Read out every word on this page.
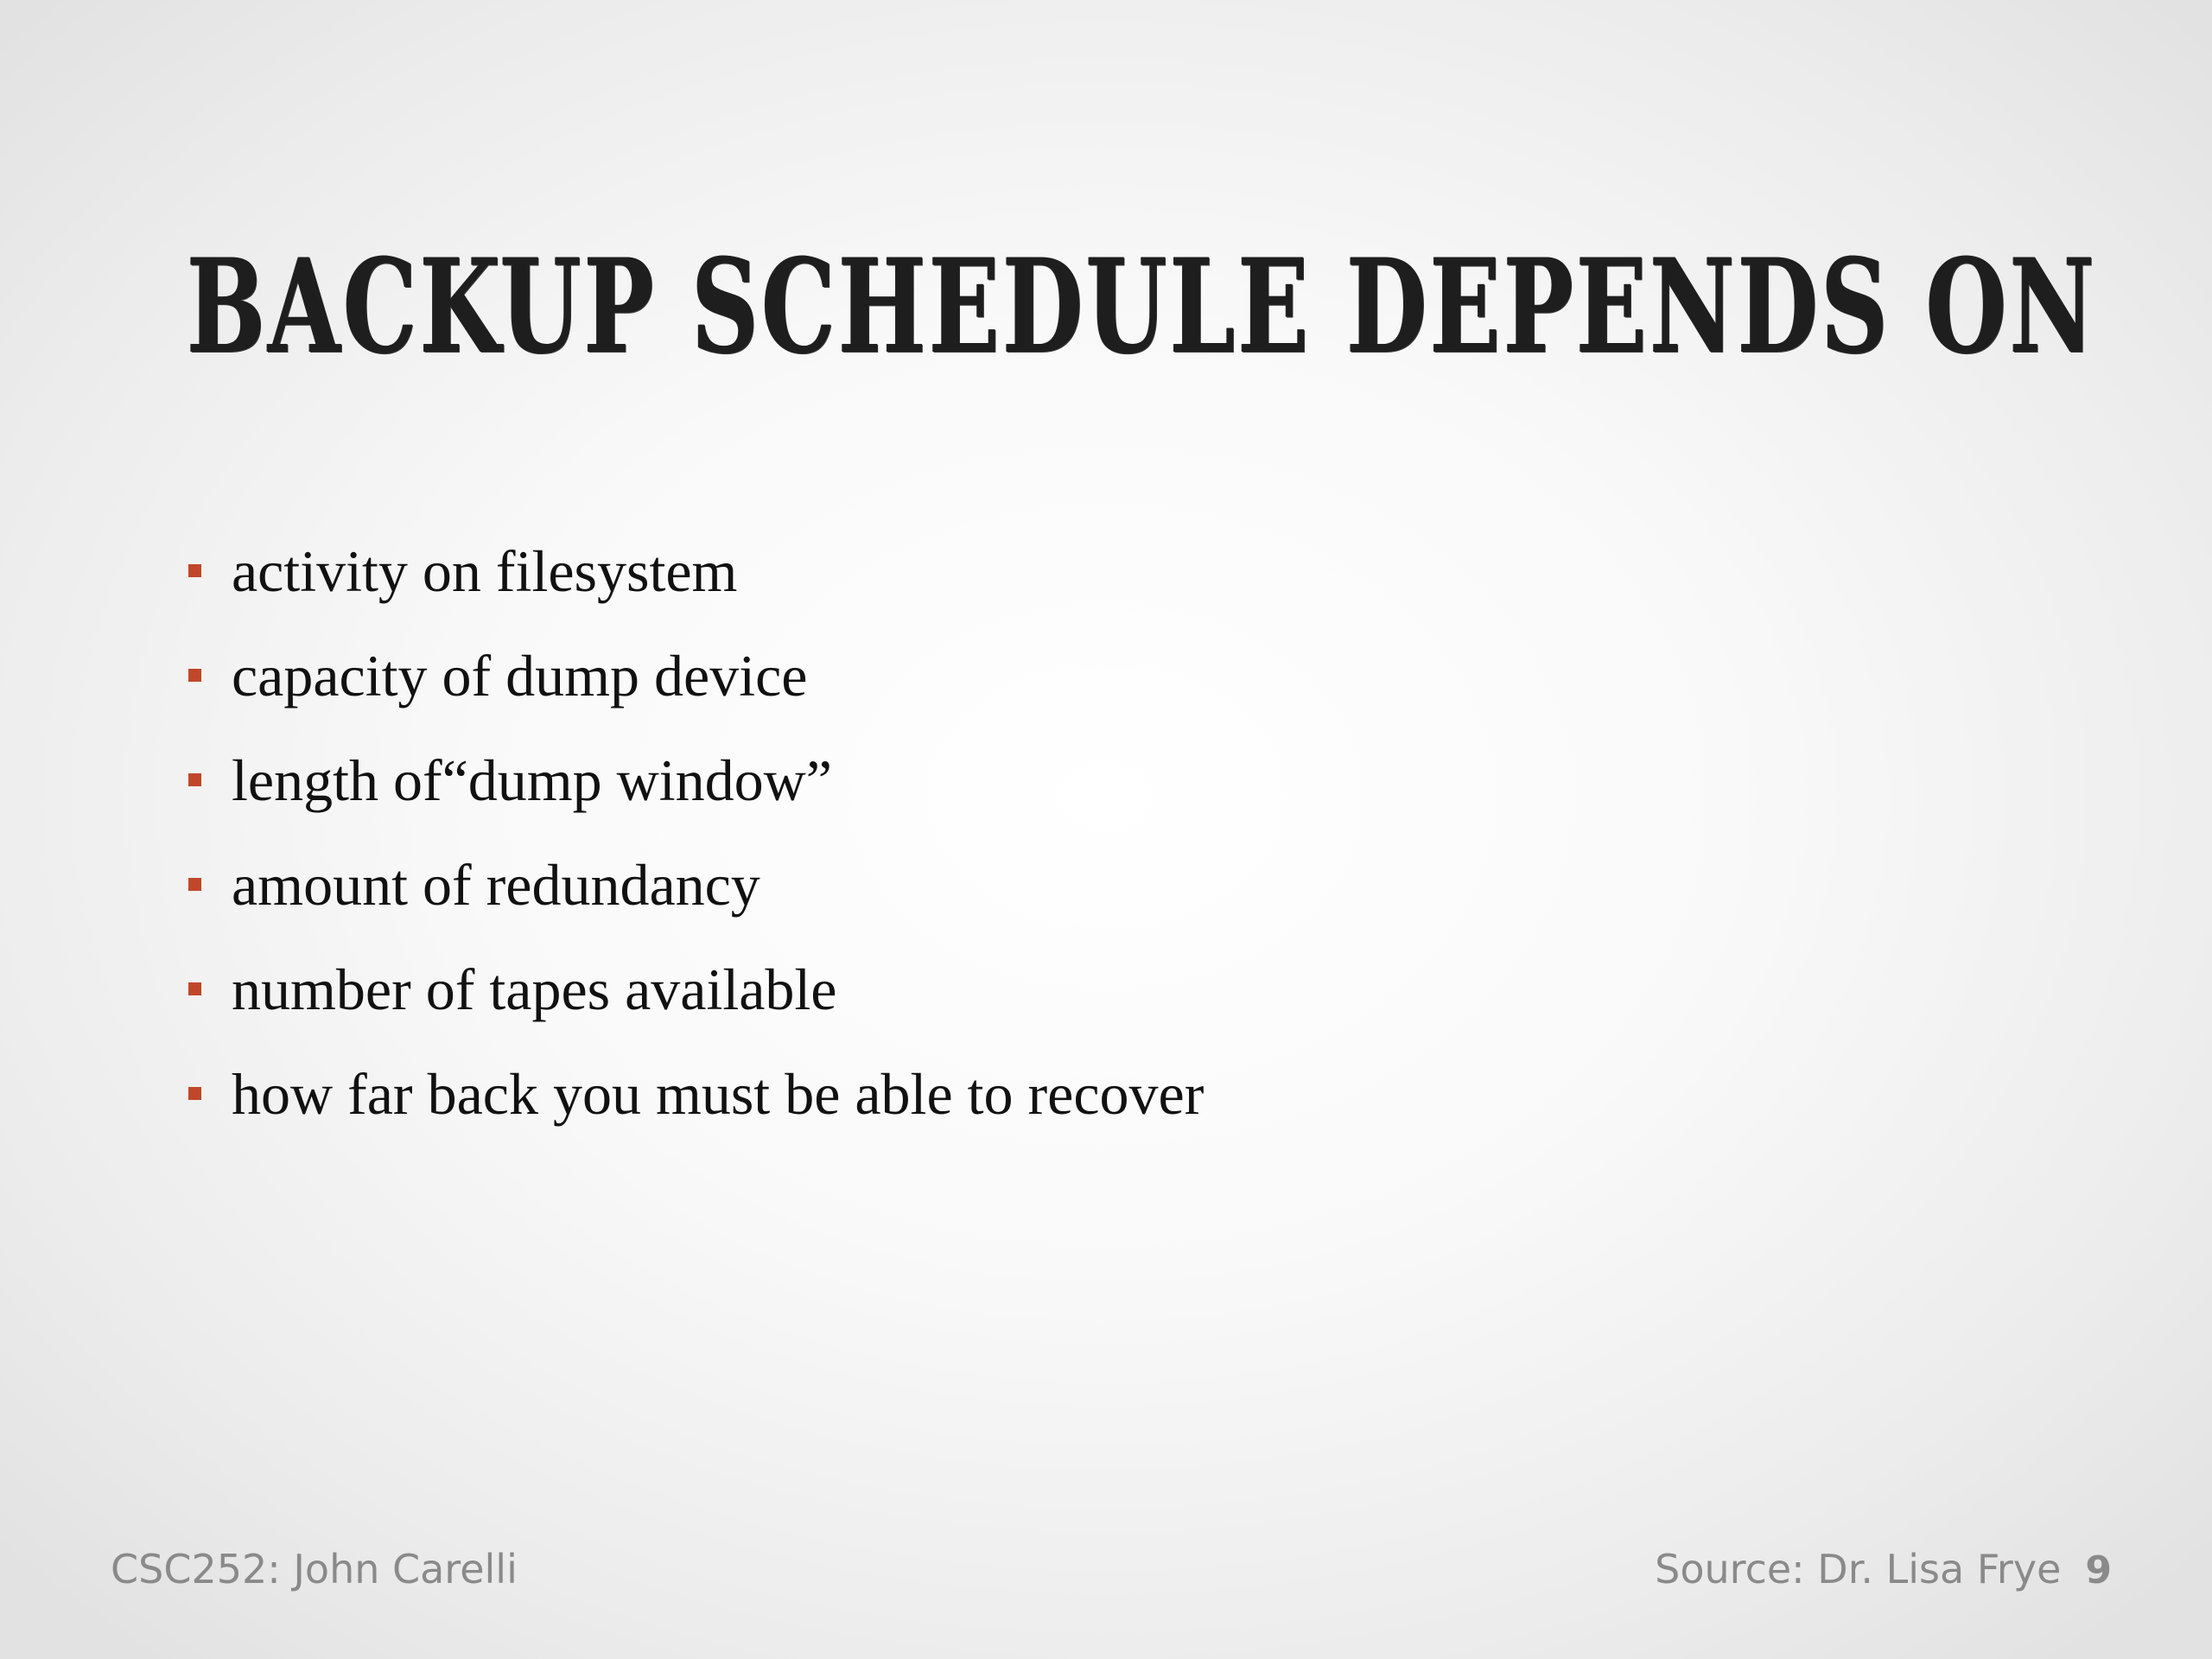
BACKUP SCHEDULE DEPENDS ON
activity on filesystem
capacity of dump device
length of“dump window”
amount of redundancy
number of tapes available
how far back you must be able to recover
CSC252: John Carelli	Source: Dr. Lisa Frye 9
